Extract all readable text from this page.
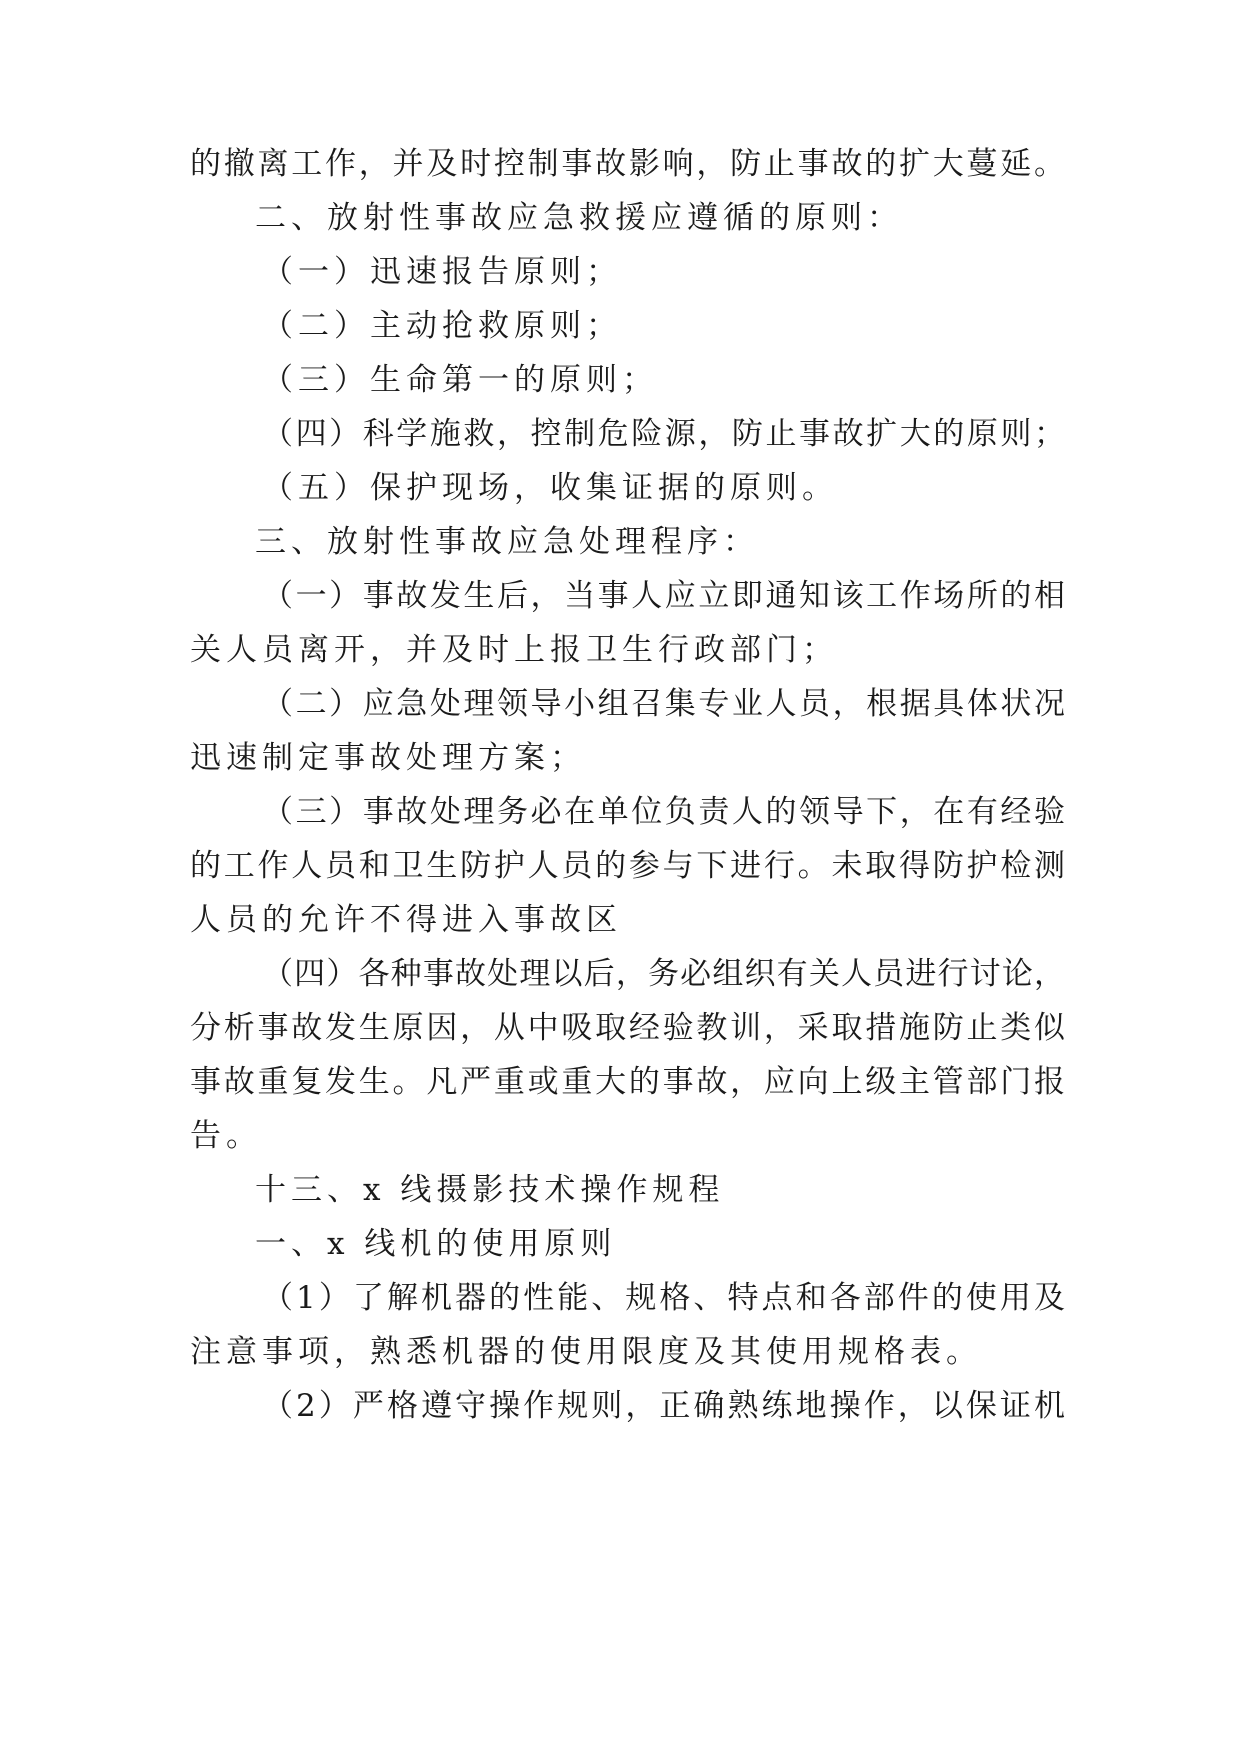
的撤离工作，并及时控制事故影响，防止事故的扩大蔓延。
二、放射性事故应急救援应遵循的原则：
（一）迅速报告原则；
（二）主动抢救原则；
（三）生命第一的原则；
（四）科学施救，控制危险源，防止事故扩大的原则；
（五）保护现场，收集证据的原则。
三、放射性事故应急处理程序：
（一）事故发生后，当事人应立即通知该工作场所的相
关人员离开，并及时上报卫生行政部门；
（二）应急处理领导小组召集专业人员，根据具体状况
迅速制定事故处理方案；
（三）事故处理务必在单位负责人的领导下，在有经验
的工作人员和卫生防护人员的参与下进行。未取得防护检测
人员的允许不得进入事故区
（四）各种事故处理以后，务必组织有关人员进行讨论，
分析事故发生原因，从中吸取经验教训，采取措施防止类似
事故重复发生。凡严重或重大的事故，应向上级主管部门报
告。
十三、x 线摄影技术操作规程
一、x 线机的使用原则
（1）了解机器的性能、规格、特点和各部件的使用及
注意事项，熟悉机器的使用限度及其使用规格表。
（2）严格遵守操作规则，正确熟练地操作，以保证机
